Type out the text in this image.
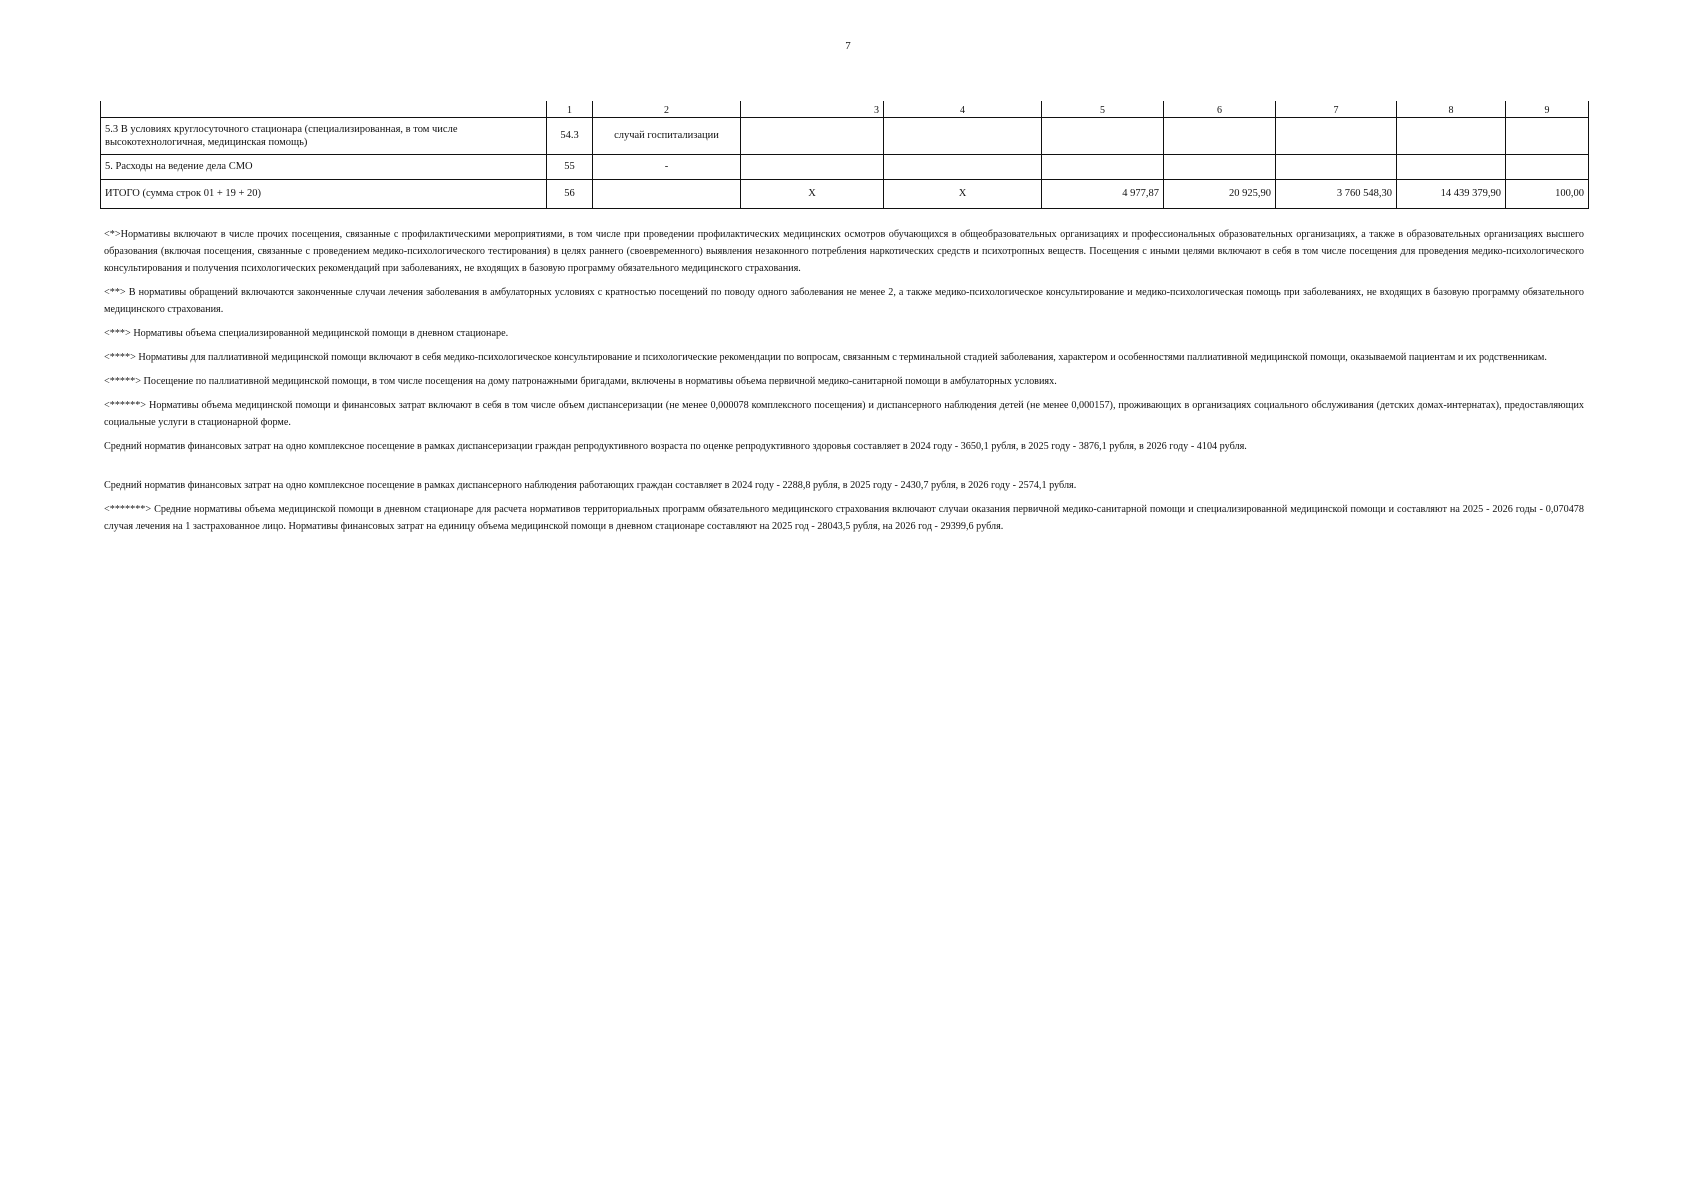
7
	1	2	3	4	5	6	7	8	9
5.3 В условиях круглосуточного стационара (специализированная, в том числе высокотехнологичная, медицинская помощь)	54.3	случай госпитализации							
5. Расходы на ведение дела СМО	55	-							
ИТОГО (сумма строк 01 + 19 + 20)	56		X	X	4 977,87	20 925,90	3 760 548,30	14 439 379,90	100,00

<*>Нормативы включают в числе прочих посещения, связанные с профилактическими мероприятиями, в том числе при проведении профилактических медицинских осмотров обучающихся в общеобразовательных организациях и профессиональных образовательных организациях, а также в образовательных организациях высшего образования (включая посещения, связанные с проведением медико-психологического тестирования) в целях раннего (своевременного) выявления незаконного потребления наркотических средств и психотропных веществ. Посещения с иными целями включают в себя в том числе посещения для проведения медико-психологического консультирования и получения психологических рекомендаций при заболеваниях, не входящих в базовую программу обязательного медицинского страхования.

<**> В нормативы обращений включаются законченные случаи лечения заболевания в амбулаторных условиях с кратностью посещений по поводу одного заболевания не менее 2, а также медико-психологическое консультирование и медико-психологическая помощь при заболеваниях, не входящих в базовую программу обязательного медицинского страхования.

<***> Нормативы объема специализированной медицинской помощи в дневном стационаре.

<****> Нормативы для паллиативной медицинской помощи включают в себя медико-психологическое консультирование и психологические рекомендации по вопросам, связанным с терминальной стадией заболевания, характером и особенностями паллиативной медицинской помощи, оказываемой пациентам и их родственникам.

<*****> Посещениe по паллиативной медицинской помощи, в том числе посещения на дому патронажными бригадами, включены в нормативы объема первичной медико-санитарной помощи в амбулаторных условиях.

<******> Нормативы объема медицинской помощи и финансовых затрат включают в себя в том числе объем диспансеризации (не менее 0,000078 комплексного посещения) и диспансерного наблюдения детей (не менее 0,000157), проживающих в организациях социального обслуживания (детских домах-интернатах), предоставляющих социальные услуги в стационарной форме.

Средний норматив финансовых затрат на одно комплексное посещение в рамках диспансеризации граждан репродуктивного возраста по оценке репродуктивного здоровья составляет в 2024 году - 3650,1 рубля, в 2025 году - 3876,1 рубля, в 2026 году - 4104 рубля.

Средний норматив финансовых затрат на одно комплексное посещение в рамках диспансерного наблюдения работающих граждан составляет в 2024 году - 2288,8 рубля, в 2025 году - 2430,7 рубля, в 2026 году - 2574,1 рубля.

<*******> Средние нормативы объема медицинской помощи в дневном стационаре для расчета нормативов территориальных программ обязательного медицинского страхования включают случаи оказания первичной медико-санитарной помощи и специализированной медицинской помощи и составляют на 2025 - 2026 годы - 0,070478 случая лечения на 1 застрахованное лицо. Нормативы финансовых затрат на единицу объема медицинской помощи в дневном стационаре составляют на 2025 год - 28043,5 рубля, на 2026 год - 29399,6 рубля.
